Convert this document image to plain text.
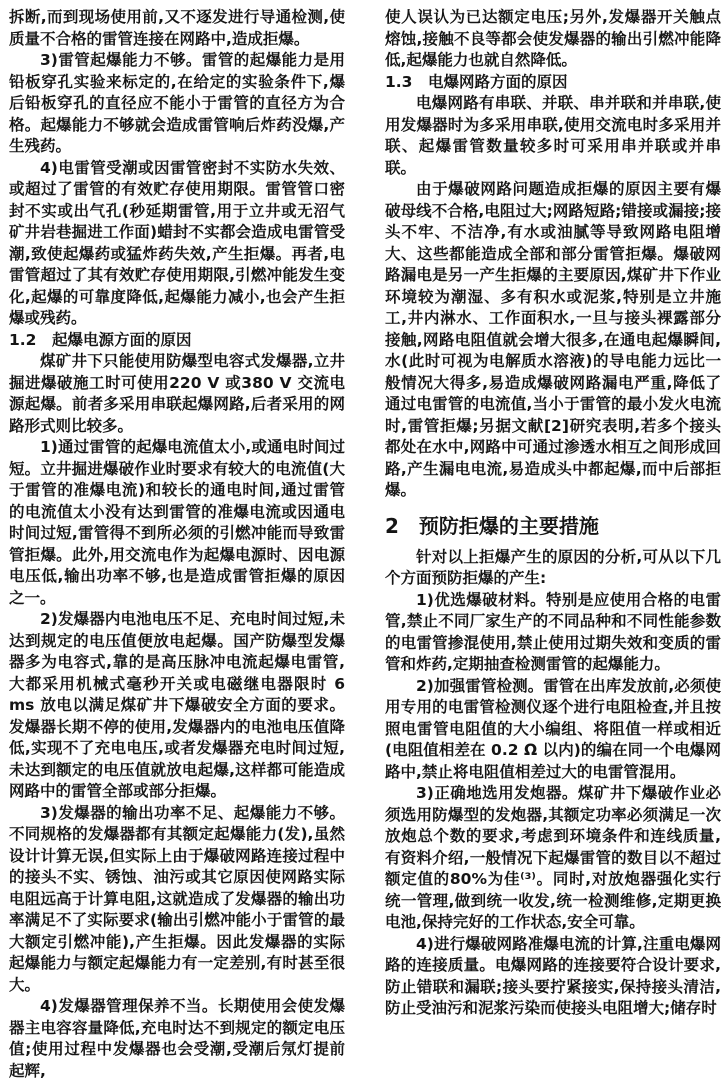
拆断,而到现场使用前,又不逐发进行导通检测,使质量不合格的雷管连接在网路中,造成拒爆。

3)雷管起爆能力不够。雷管的起爆能力是用铅板穿孔实验来标定的,在给定的实验条件下,爆后铅板穿孔的直径应不能小于雷管的直径方为合格。起爆能力不够就会造成雷管响后炸药没爆,产生残药。

4)电雷管受潮或因雷管密封不实防水失效、或超过了雷管的有效贮存使用期限。雷管管口密封不实或出气孔(秒延期雷管,用于立井或无沼气矿井岩巷掘进工作面)蜡封不实都会造成电雷管受潮,致使起爆药或猛炸药失效,产生拒爆。再者,电雷管超过了其有效贮存使用期限,引燃冲能发生变化,起爆的可靠度降低,起爆能力减小,也会产生拒爆或残药。

1.2　起爆电源方面的原因

煤矿井下只能使用防爆型电容式发爆器,立井掘进爆破施工时可使用220 V 或380 V 交流电源起爆。前者多采用串联起爆网路,后者采用的网路形式则比较多。

1)通过雷管的起爆电流值太小,或通电时间过短。立井掘进爆破作业时要求有较大的电流值(大于雷管的准爆电流)和较长的通电时间,通过雷管的电流值太小没有达到雷管的准爆电流或因通电时间过短,雷管得不到所必须的引燃冲能而导致雷管拒爆。此外,用交流电作为起爆电源时、因电源电压低,输出功率不够,也是造成雷管拒爆的原因之一。

2)发爆器内电池电压不足、充电时间过短,未达到规定的电压值便放电起爆。国产防爆型发爆器多为电容式,靠的是高压脉冲电流起爆电雷管,大都采用机械式毫秒开关或电磁继电器限时 6 ms 放电以满足煤矿井下爆破安全方面的要求。发爆器长期不停的使用,发爆器内的电池电压值降低,实现不了充电电压,或者发爆器充电时间过短,未达到额定的电压值就放电起爆,这样都可能造成网路中的雷管全部或部分拒爆。

3)发爆器的输出功率不足、起爆能力不够。不同规格的发爆器都有其额定起爆能力(发),虽然设计计算无误,但实际上由于爆破网路连接过程中的接头不实、锈蚀、油污或其它原因使网路实际电阻远高于计算电阻,这就造成了发爆器的输出功率满足不了实际要求(输出引燃冲能小于雷管的最大额定引燃冲能),产生拒爆。因此发爆器的实际起爆能力与额定起爆能力有一定差别,有时甚至很大。

4)发爆器管理保养不当。长期使用会使发爆器主电容容量降低,充电时达不到规定的额定电压值;使用过程中发爆器也会受潮,受潮后氖灯提前起辉,

使人误认为已达额定电压;另外,发爆器开关触点熔蚀,接触不良等都会使发爆器的输出引燃冲能降低,起爆能力也就自然降低。

1.3　电爆网路方面的原因

电爆网路有串联、并联、串并联和并串联,使用发爆器时为多采用串联,使用交流电时多采用并联、起爆雷管数量较多时可采用串并联或并串联。

由于爆破网路问题造成拒爆的原因主要有爆破母线不合格,电阻过大;网路短路;错接或漏接;接头不牢、不洁净,有水或油腻等导致网路电阻增大、这些都能造成全部和部分雷管拒爆。爆破网路漏电是另一产生拒爆的主要原因,煤矿井下作业环境较为潮湿、多有积水或泥浆,特别是立井施工,井内淋水、工作面积水,一旦与接头裸露部分接触,网路电阻值就会增大很多,在通电起爆瞬间,水(此时可视为电解质水溶液)的导电能力远比一般情况大得多,易造成爆破网路漏电严重,降低了通过电雷管的电流值,当小于雷管的最小发火电流时,雷管拒爆;另据文献[2]研究表明,若多个接头都处在水中,网路中可通过渗透水相互之间形成回路,产生漏电电流,易造成头中都起爆,而中后部拒爆。

2　预防拒爆的主要措施

针对以上拒爆产生的原因的分析,可从以下几个方面预防拒爆的产生:

1)优选爆破材料。特别是应使用合格的电雷管,禁止不同厂家生产的不同品种和不同性能参数的电雷管掺混使用,禁止使用过期失效和变质的雷管和炸药,定期抽查检测雷管的起爆能力。

2)加强雷管检测。雷管在出库发放前,必须使用专用的电雷管检测仪逐个进行电阻检查,并且按照电雷管电阻值的大小编组、将阻值一样或相近(电阻值相差在 0.2 Ω 以内)的编在同一个电爆网路中,禁止将电阻值相差过大的电雷管混用。

3)正确地选用发炮器。煤矿井下爆破作业必须选用防爆型的发炮器,其额定功率必须满足一次放炮总个数的要求,考虑到环境条件和连线质量,有资料介绍,一般情况下起爆雷管的数目以不超过额定值的80%为佳⁽³⁾。同时,对放炮器强化实行统一管理,做到统一收发,统一检测维修,定期更换电池,保持完好的工作状态,安全可靠。

4)进行爆破网路准爆电流的计算,注重电爆网路的连接质量。电爆网路的连接要符合设计要求,防止错联和漏联;接头要拧紧接实,保持接头清洁,防止受油污和泥浆污染而使接头电阻增大;储存时
